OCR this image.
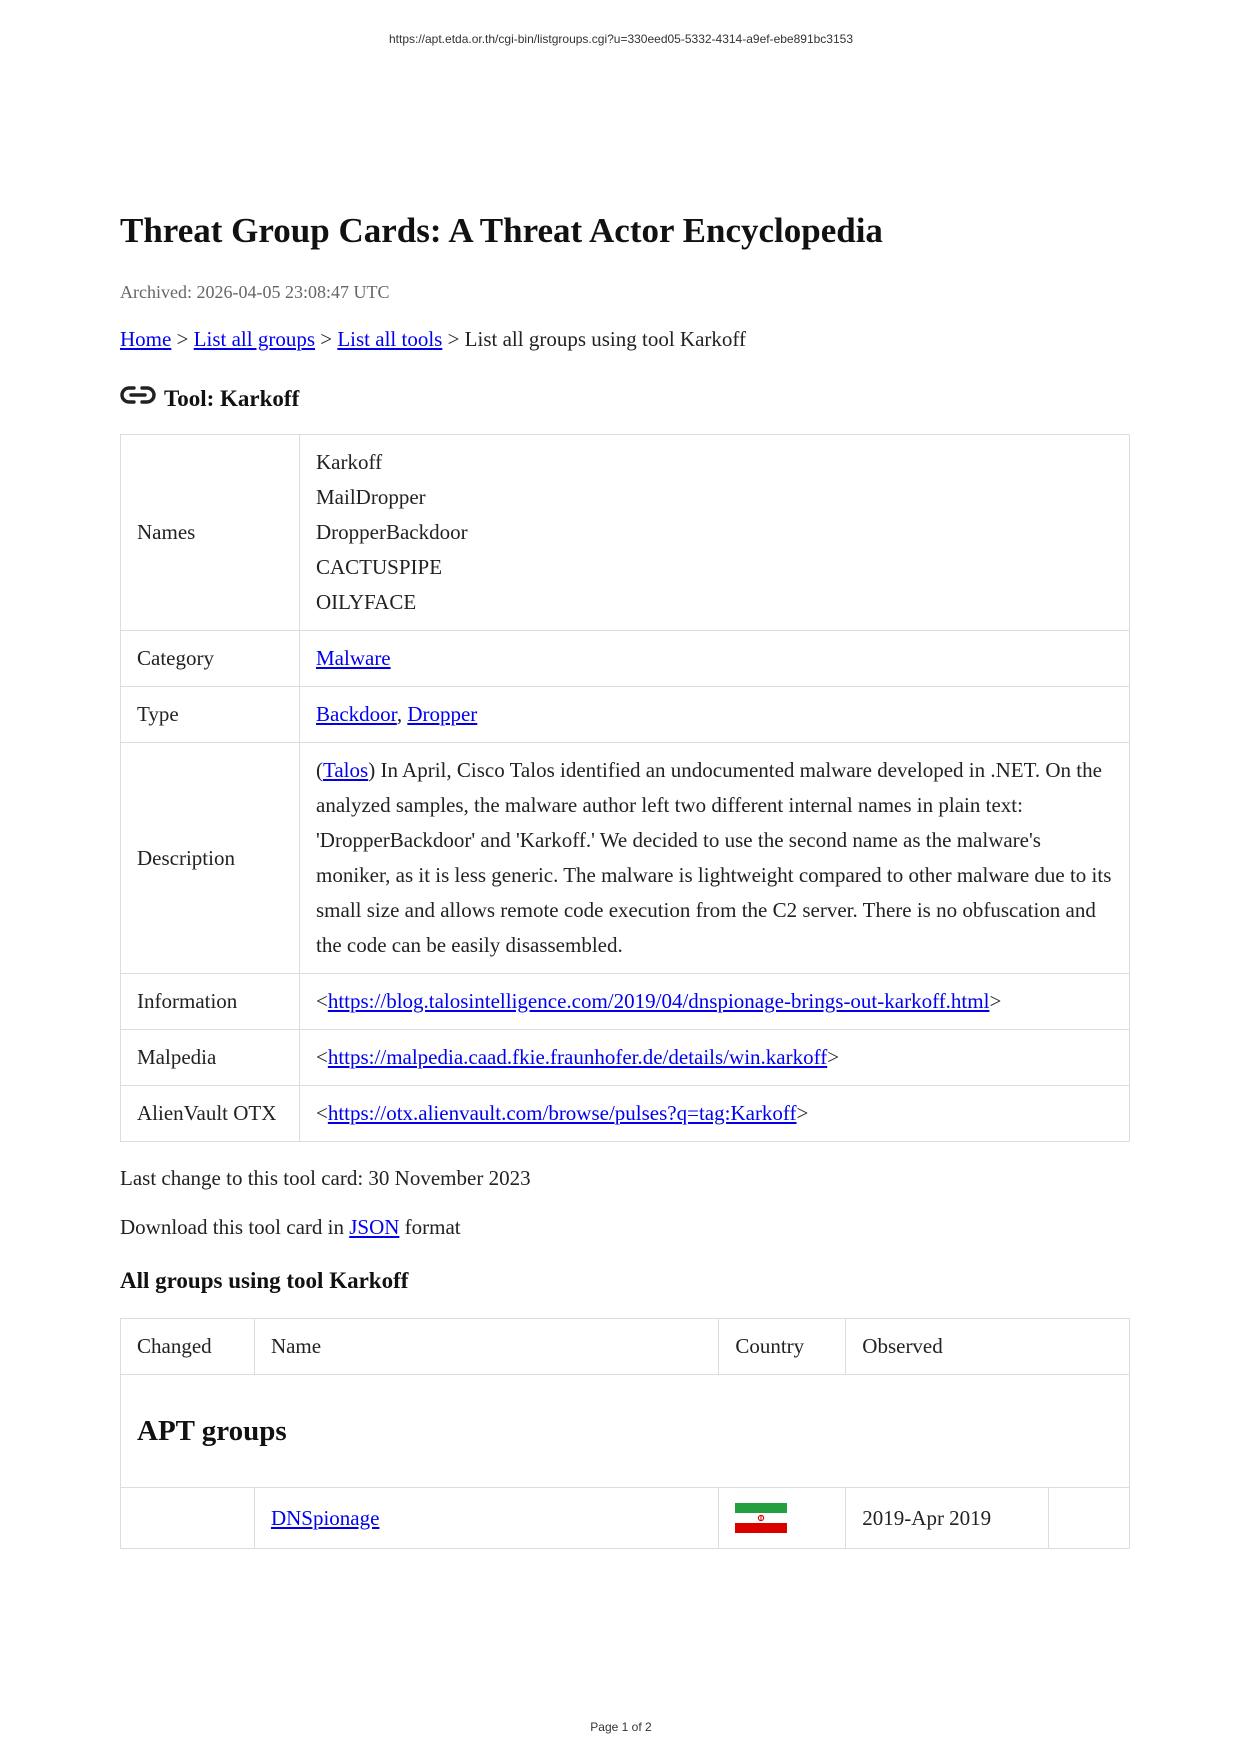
https://apt.etda.or.th/cgi-bin/listgroups.cgi?u=330eed05-5332-4314-a9ef-ebe891bc3153
Threat Group Cards: A Threat Actor Encyclopedia
Archived: 2026-04-05 23:08:47 UTC
Home > List all groups > List all tools > List all groups using tool Karkoff
Tool: Karkoff
Names	Karkoff
MailDropper
DropperBackdoor
CACTUSPIPE
OILYFACE

Category	Malware
Type	Backdoor, Dropper
Description	(Talos) In April, Cisco Talos identified an undocumented malware developed in .NET. On the analyzed samples, the malware author left two different internal names in plain text: 'DropperBackdoor' and 'Karkoff.' We decided to use the second name as the malware's moniker, as it is less generic. The malware is lightweight compared to other malware due to its small size and allows remote code execution from the C2 server. There is no obfuscation and the code can be easily disassembled.
Information	<https://blog.talosintelligence.com/2019/04/dnspionage-brings-out-karkoff.html>
Malpedia	<https://malpedia.caad.fkie.fraunhofer.de/details/win.karkoff>
AlienVault OTX	<https://otx.alienvault.com/browse/pulses?q=tag:Karkoff>
Last change to this tool card: 30 November 2023
Download this tool card in JSON format
All groups using tool Karkoff
Changed	Name	Country	Observed	
APT groups				
	DNSpionage		2019-Apr 2019	
Page 1 of 2
